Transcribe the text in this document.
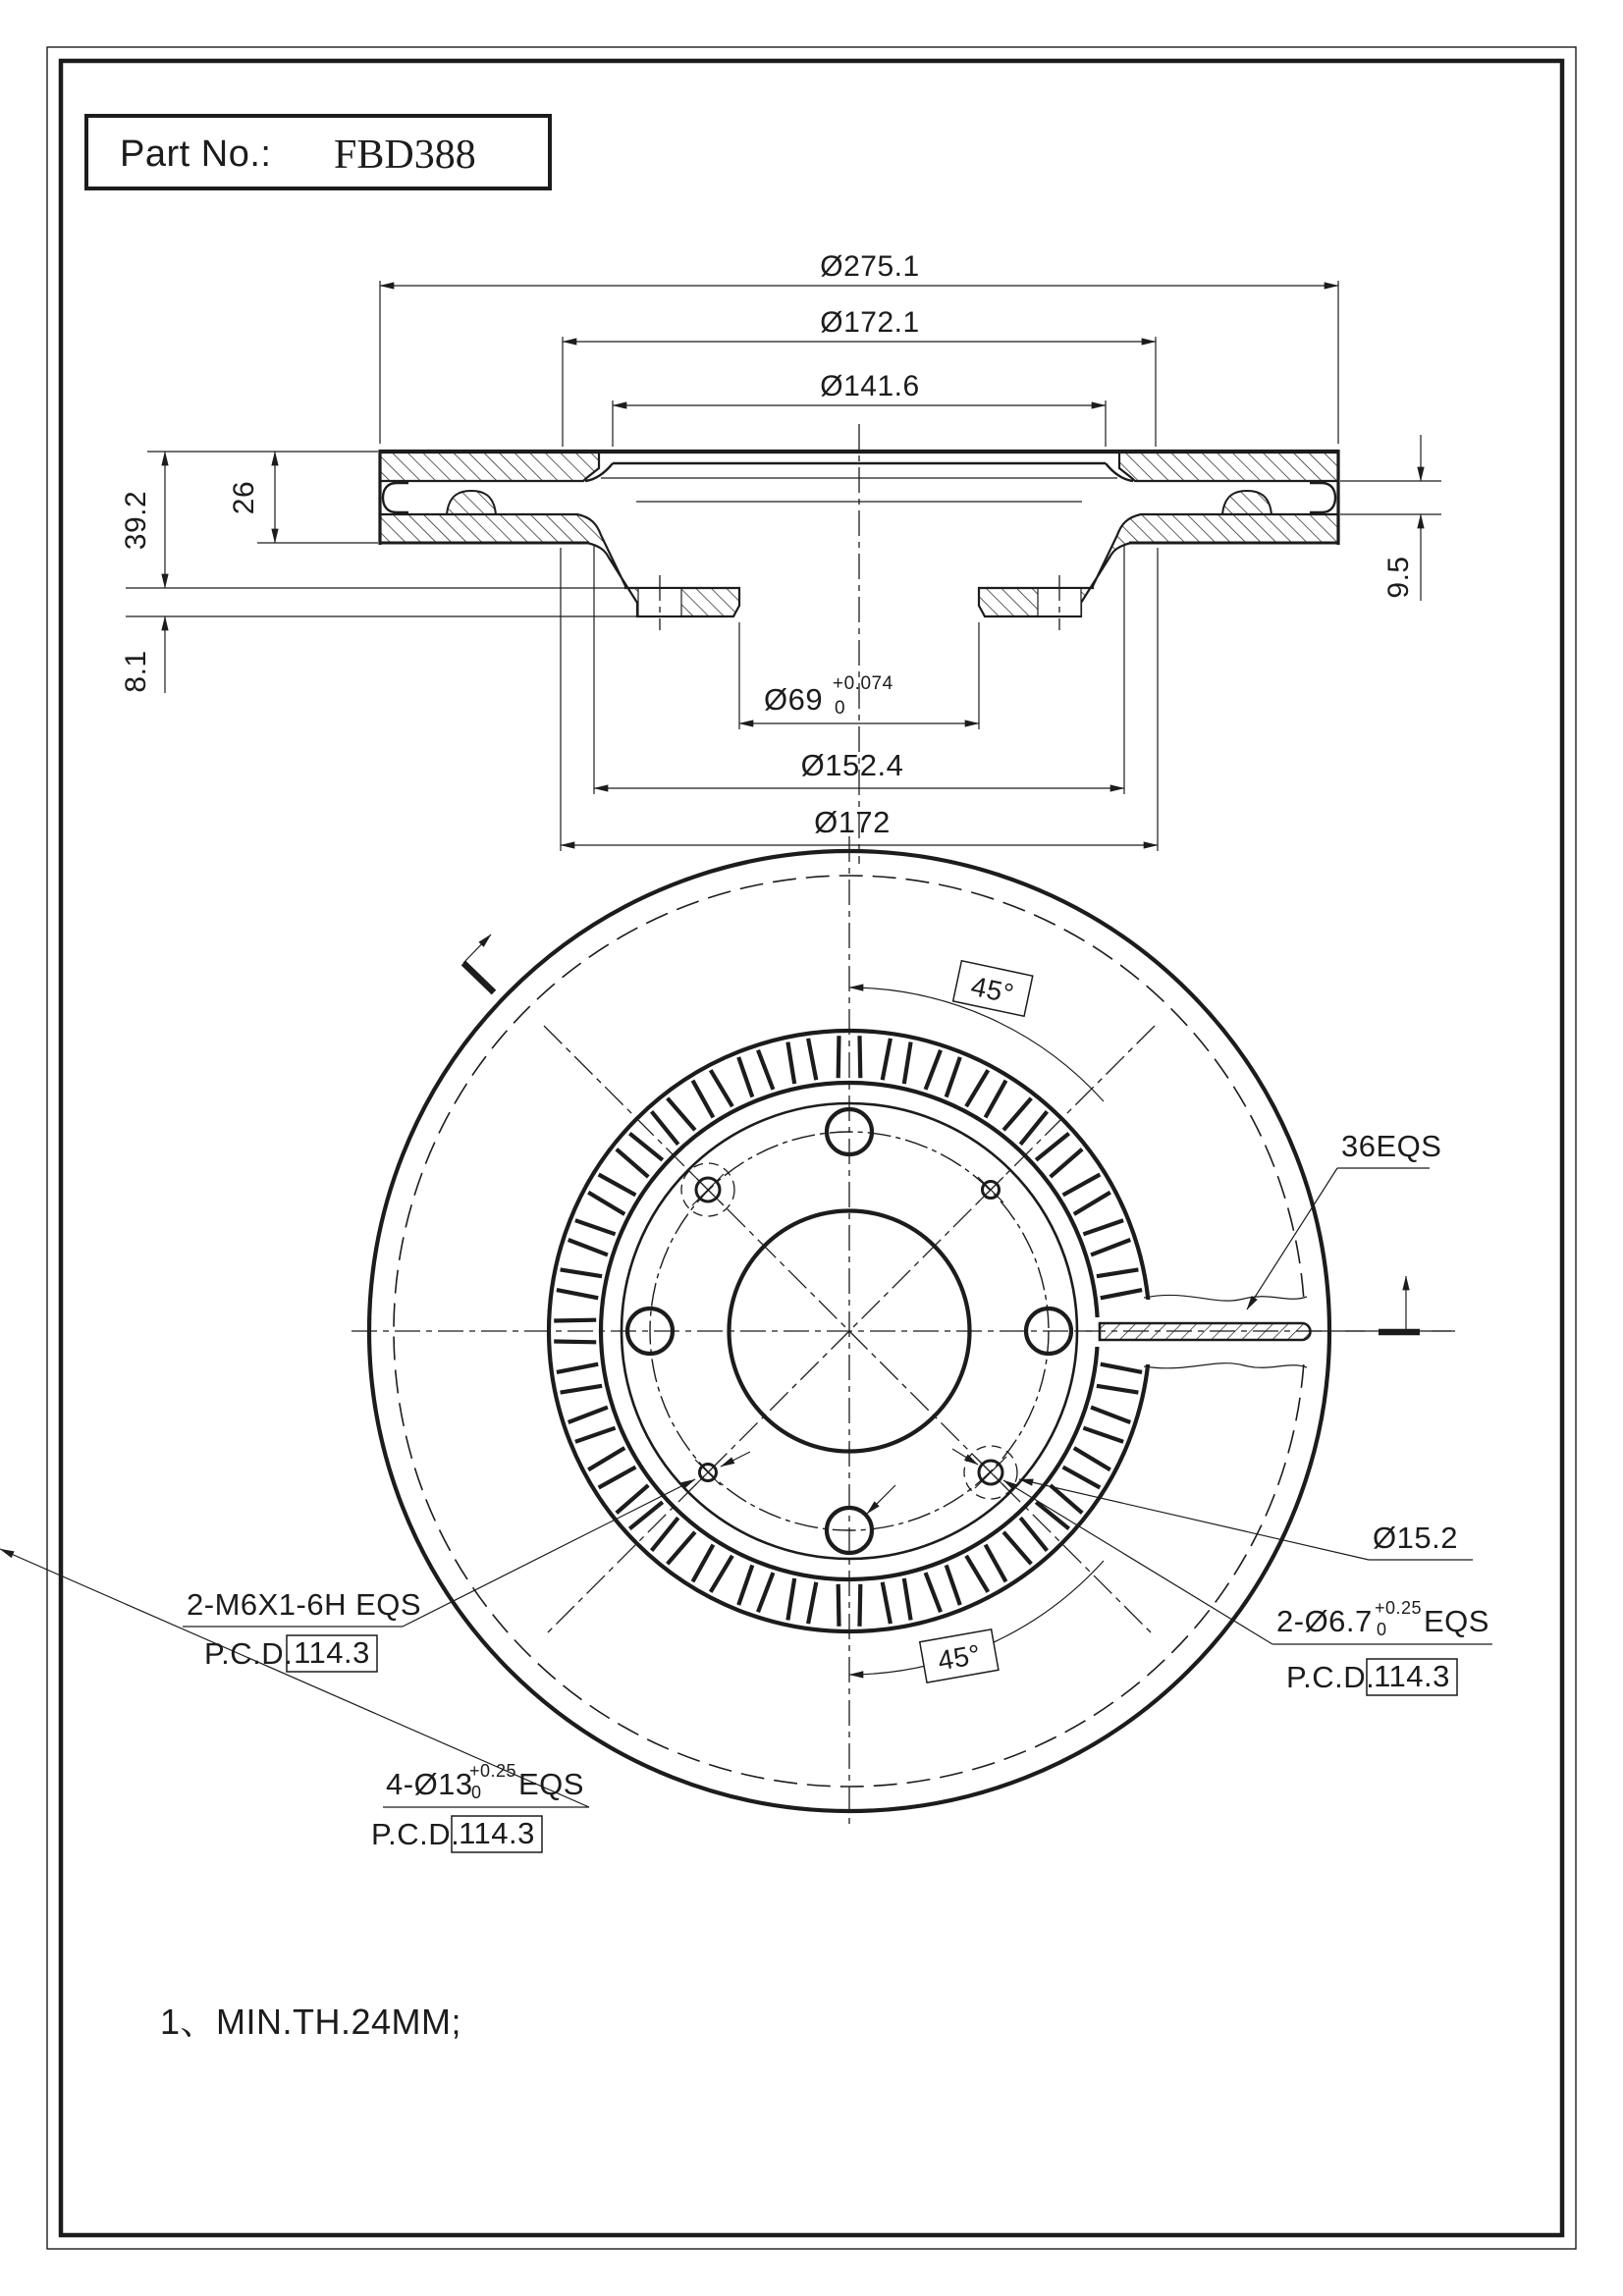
Part No.: FBD388
Ø275.1
Ø172.1
Ø141.6
26
39.2
8.1
9.5
Ø69 +0.074
0
Ø152.4
Ø172
45°
45°
36EQS
Ø15.2
2-M6X1-6H EQS
P.C.D. 114.3
4-Ø13
+0.25
0 EQS
P.C.D.
114.3
2-Ø6.7 +0.25
0 EQS
P.C.D.
114.3
1、MIN.TH.24MM;
